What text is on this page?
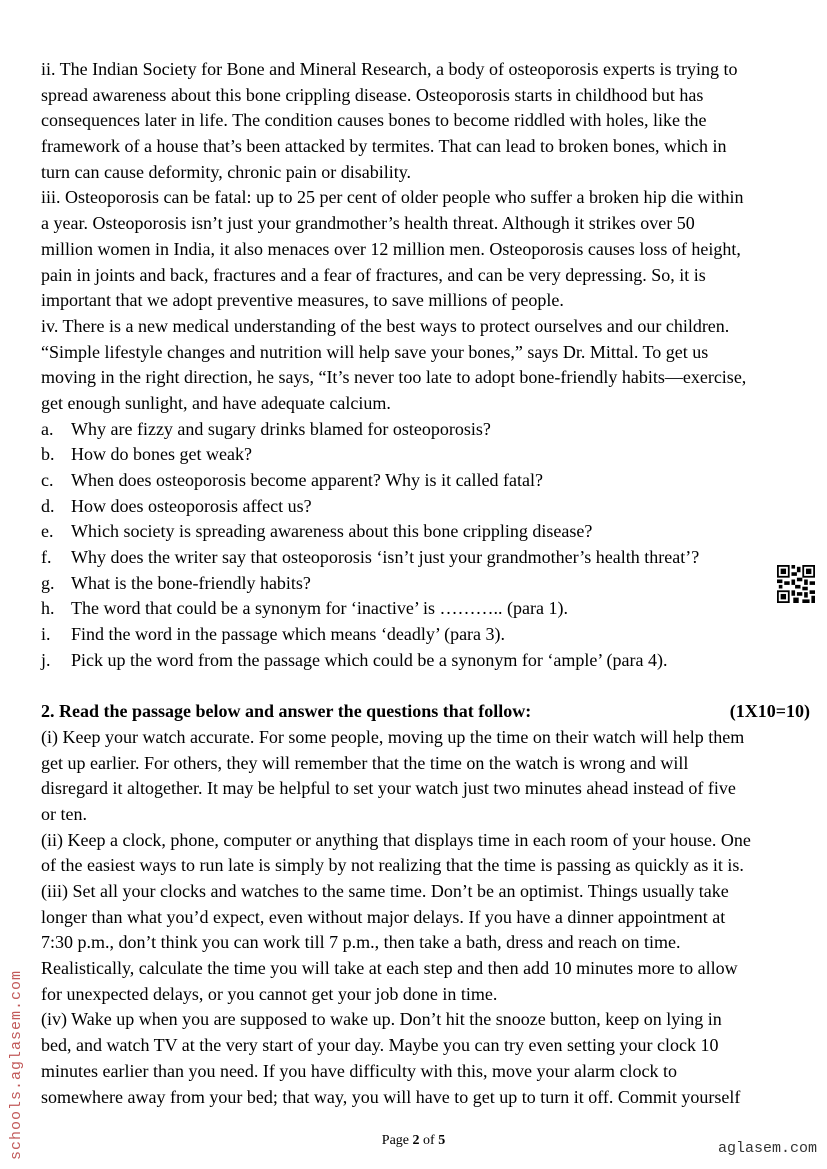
ii. The Indian Society for Bone and Mineral Research, a body of osteoporosis experts is trying to
spread awareness about this bone crippling disease. Osteoporosis starts in childhood but has
consequences later in life. The condition causes bones to become riddled with holes, like the
framework of a house that’s been attacked by termites. That can lead to broken bones, which in
turn can cause deformity, chronic pain or disability.
iii. Osteoporosis can be fatal: up to 25 per cent of older people who suffer a broken hip die within
a year. Osteoporosis isn’t just your grandmother’s health threat. Although it strikes over 50
million women in India, it also menaces over 12 million men. Osteoporosis causes loss of height,
pain in joints and back, fractures and a fear of fractures, and can be very depressing. So, it is
important that we adopt preventive measures, to save millions of people.
iv. There is a new medical understanding of the best ways to protect ourselves and our children.
“Simple lifestyle changes and nutrition will help save your bones,” says Dr. Mittal. To get us
moving in the right direction, he says, “It’s never too late to adopt bone-friendly habits—exercise,
get enough sunlight, and have adequate calcium.
a. Why are fizzy and sugary drinks blamed for osteoporosis?
b. How do bones get weak?
c. When does osteoporosis become apparent? Why is it called fatal?
d. How does osteoporosis affect us?
e. Which society is spreading awareness about this bone crippling disease?
f.	Why does the writer say that osteoporosis ‘isn’t just your grandmother’s health threat’?
g. What is the bone-friendly habits?
h. The word that could be a synonym for ‘inactive’ is ……….. (para 1).
i.	Find the word in the passage which means ‘deadly’ (para 3).
j.	Pick up the word from the passage which could be a synonym for ‘ample’ (para 4).
2. Read the passage below and answer the questions that follow:	(1X10=10)
(i) Keep your watch accurate. For some people, moving up the time on their watch will help them
get up earlier. For others, they will remember that the time on the watch is wrong and will
disregard it altogether. It may be helpful to set your watch just two minutes ahead instead of five
or ten.
(ii) Keep a clock, phone, computer or anything that displays time in each room of your house. One
of the easiest ways to run late is simply by not realizing that the time is passing as quickly as it is.
(iii) Set all your clocks and watches to the same time. Don’t be an optimist. Things usually take
longer than what you’d expect, even without major delays. If you have a dinner appointment at
7:30 p.m., don’t think you can work till 7 p.m., then take a bath, dress and reach on time.
Realistically, calculate the time you will take at each step and then add 10 minutes more to allow
for unexpected delays, or you cannot get your job done in time.
(iv) Wake up when you are supposed to wake up. Don’t hit the snooze button, keep on lying in
bed, and watch TV at the very start of your day. Maybe you can try even setting your clock 10
minutes earlier than you need. If you have difficulty with this, move your alarm clock to
somewhere away from your bed; that way, you will have to get up to turn it off. Commit yourself
Page 2 of 5
schools.aglasem.com	aglasem.com
